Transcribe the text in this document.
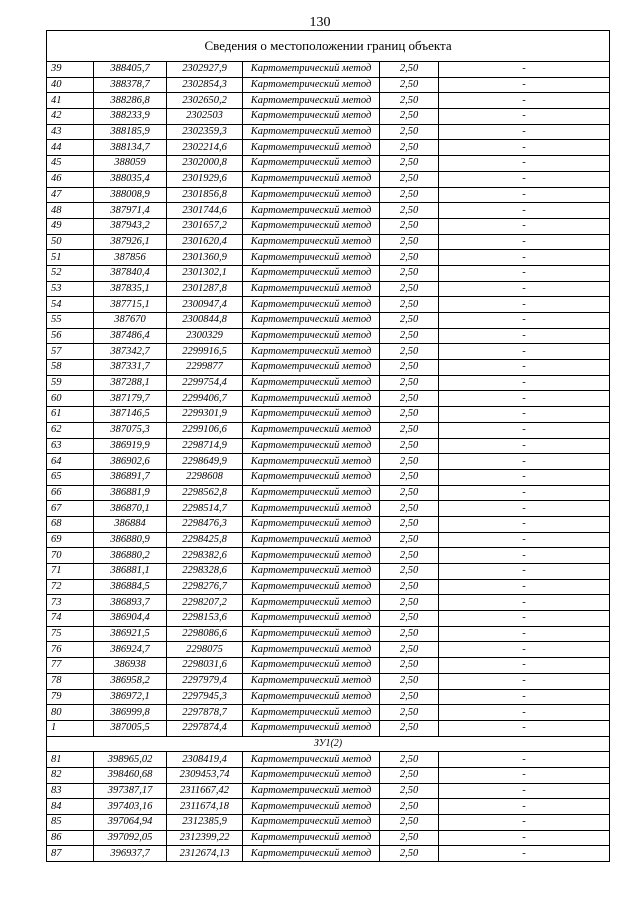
130
Сведения о местоположении границ объекта					
39	388405,7	2302927,9	Картометрический метод	2,50	-
40	388378,7	2302854,3	Картометрический метод	2,50	-
41	388286,8	2302650,2	Картометрический метод	2,50	-
42	388233,9	2302503	Картометрический метод	2,50	-
43	388185,9	2302359,3	Картометрический метод	2,50	-
44	388134,7	2302214,6	Картометрический метод	2,50	-
45	388059	2302000,8	Картометрический метод	2,50	-
46	388035,4	2301929,6	Картометрический метод	2,50	-
47	388008,9	2301856,8	Картометрический метод	2,50	-
48	387971,4	2301744,6	Картометрический метод	2,50	-
49	387943,2	2301657,2	Картометрический метод	2,50	-
50	387926,1	2301620,4	Картометрический метод	2,50	-
51	387856	2301360,9	Картометрический метод	2,50	-
52	387840,4	2301302,1	Картометрический метод	2,50	-
53	387835,1	2301287,8	Картометрический метод	2,50	-
54	387715,1	2300947,4	Картометрический метод	2,50	-
55	387670	2300844,8	Картометрический метод	2,50	-
56	387486,4	2300329	Картометрический метод	2,50	-
57	387342,7	2299916,5	Картометрический метод	2,50	-
58	387331,7	2299877	Картометрический метод	2,50	-
59	387288,1	2299754,4	Картометрический метод	2,50	-
60	387179,7	2299406,7	Картометрический метод	2,50	-
61	387146,5	2299301,9	Картометрический метод	2,50	-
62	387075,3	2299106,6	Картометрический метод	2,50	-
63	386919,9	2298714,9	Картометрический метод	2,50	-
64	386902,6	2298649,9	Картометрический метод	2,50	-
65	386891,7	2298608	Картометрический метод	2,50	-
66	386881,9	2298562,8	Картометрический метод	2,50	-
67	386870,1	2298514,7	Картометрический метод	2,50	-
68	386884	2298476,3	Картометрический метод	2,50	-
69	386880,9	2298425,8	Картометрический метод	2,50	-
70	386880,2	2298382,6	Картометрический метод	2,50	-
71	386881,1	2298328,6	Картометрический метод	2,50	-
72	386884,5	2298276,7	Картометрический метод	2,50	-
73	386893,7	2298207,2	Картометрический метод	2,50	-
74	386904,4	2298153,6	Картометрический метод	2,50	-
75	386921,5	2298086,6	Картометрический метод	2,50	-
76	386924,7	2298075	Картометрический метод	2,50	-
77	386938	2298031,6	Картометрический метод	2,50	-
78	386958,2	2297979,4	Картометрический метод	2,50	-
79	386972,1	2297945,3	Картометрический метод	2,50	-
80	386999,8	2297878,7	Картометрический метод	2,50	-
1	387005,5	2297874,4	Картометрический метод	2,50	-
ЗУ1(2)					
81	398965,02	2308419,4	Картометрический метод	2,50	-
82	398460,68	2309453,74	Картометрический метод	2,50	-
83	397387,17	2311667,42	Картометрический метод	2,50	-
84	397403,16	2311674,18	Картометрический метод	2,50	-
85	397064,94	2312385,9	Картометрический метод	2,50	-
86	397092,05	2312399,22	Картометрический метод	2,50	-
87	396937,7	2312674,13	Картометрический метод	2,50	-
